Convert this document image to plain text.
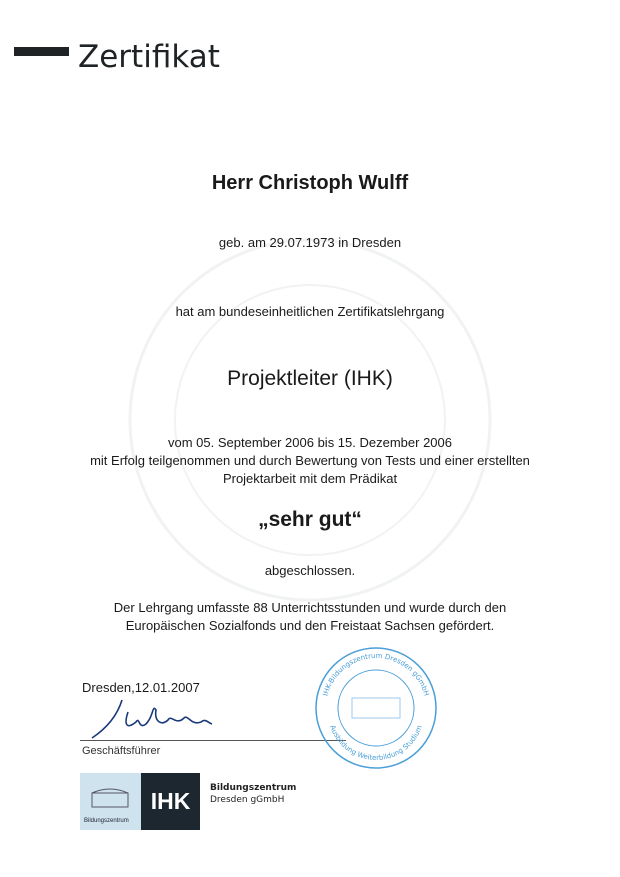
Zertifikat
Herr Christoph Wulff
geb. am 29.07.1973 in Dresden
hat am bundeseinheitlichen Zertifikatslehrgang
Projektleiter (IHK)
vom 05. September 2006 bis 15. Dezember 2006
mit Erfolg teilgenommen und durch Bewertung von Tests und einer erstellten
Projektarbeit mit dem Prädikat
„sehr gut“
abgeschlossen.
Der Lehrgang umfasste 88 Unterrichtsstunden und wurde durch den
Europäischen Sozialfonds und den Freistaat Sachsen gefördert.
Dresden,12.01.2007
Geschäftsführer
Bildungszentrum
IHK	Bildungszentrum
Dresden gGmbH
IHK-Bildungszentrum Dresden gGmbH
Ausbildung Weiterbildung Studium
